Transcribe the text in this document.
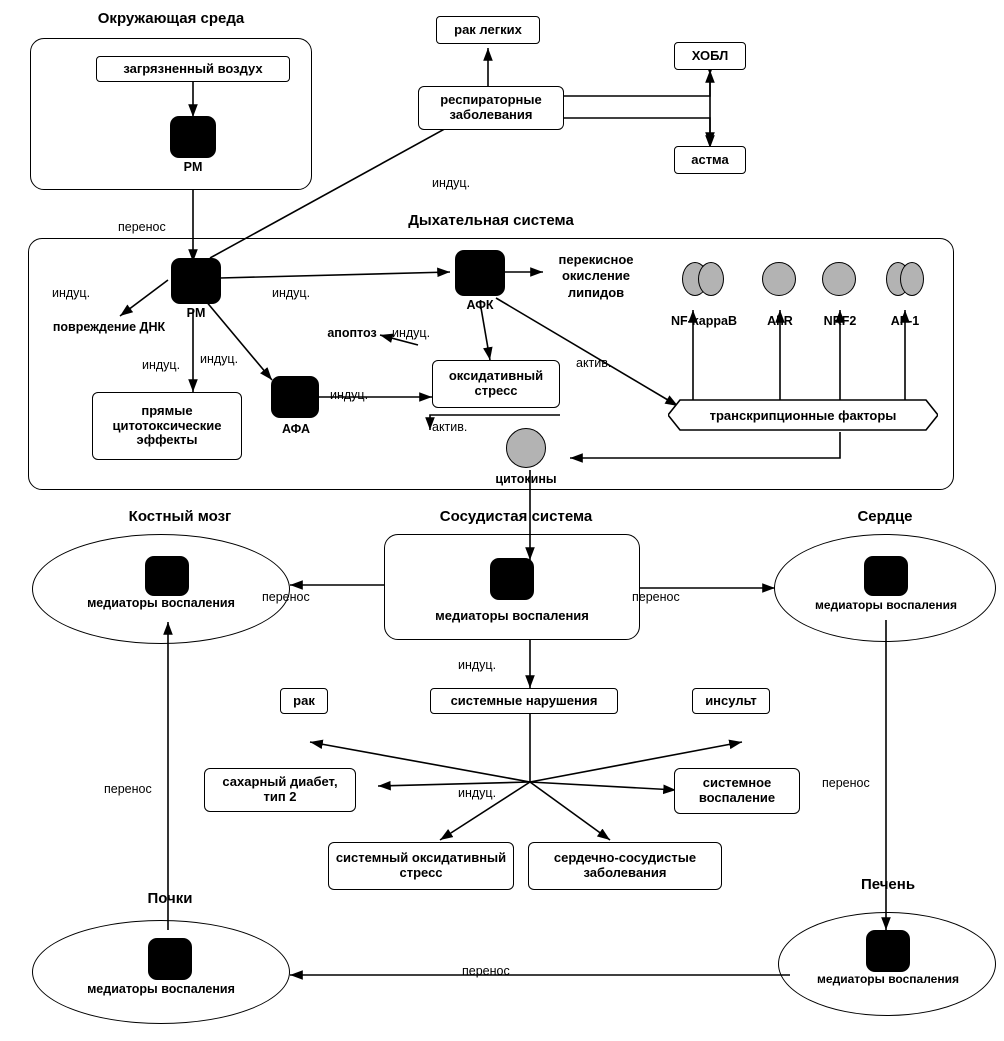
Окружающая среда
загрязненный воздух
PM
перенос
рак легких
респираторные заболевания
ХОБЛ
астма
индуц.
Дыхательная система
PM
АФК
перекисное окисление липидов
индуц.
повреждение ДНК
индуц.
индуц. индуц.
апоптоз	индуц.
оксидативный стресс
АФА
индуц.
прямые цитотоксические эффекты
актив.
актив.
транскрипционные факторы
NF-kappaB	AhR	NRF2	AP-1
цитокины
Костный мозг
медиаторы воспаления
Сосудистая система
медиаторы воспаления
Сердце
медиаторы воспаления
перенос	перенос
перенос	перенос
перенос
индуц.
системные нарушения
рак	инсульт
сахарный диабет, тип 2
системное воспаление
системный оксидативный стресс
сердечно-сосудистые заболевания
индуц.
Почки
медиаторы воспаления
Печень
медиаторы воспаления
